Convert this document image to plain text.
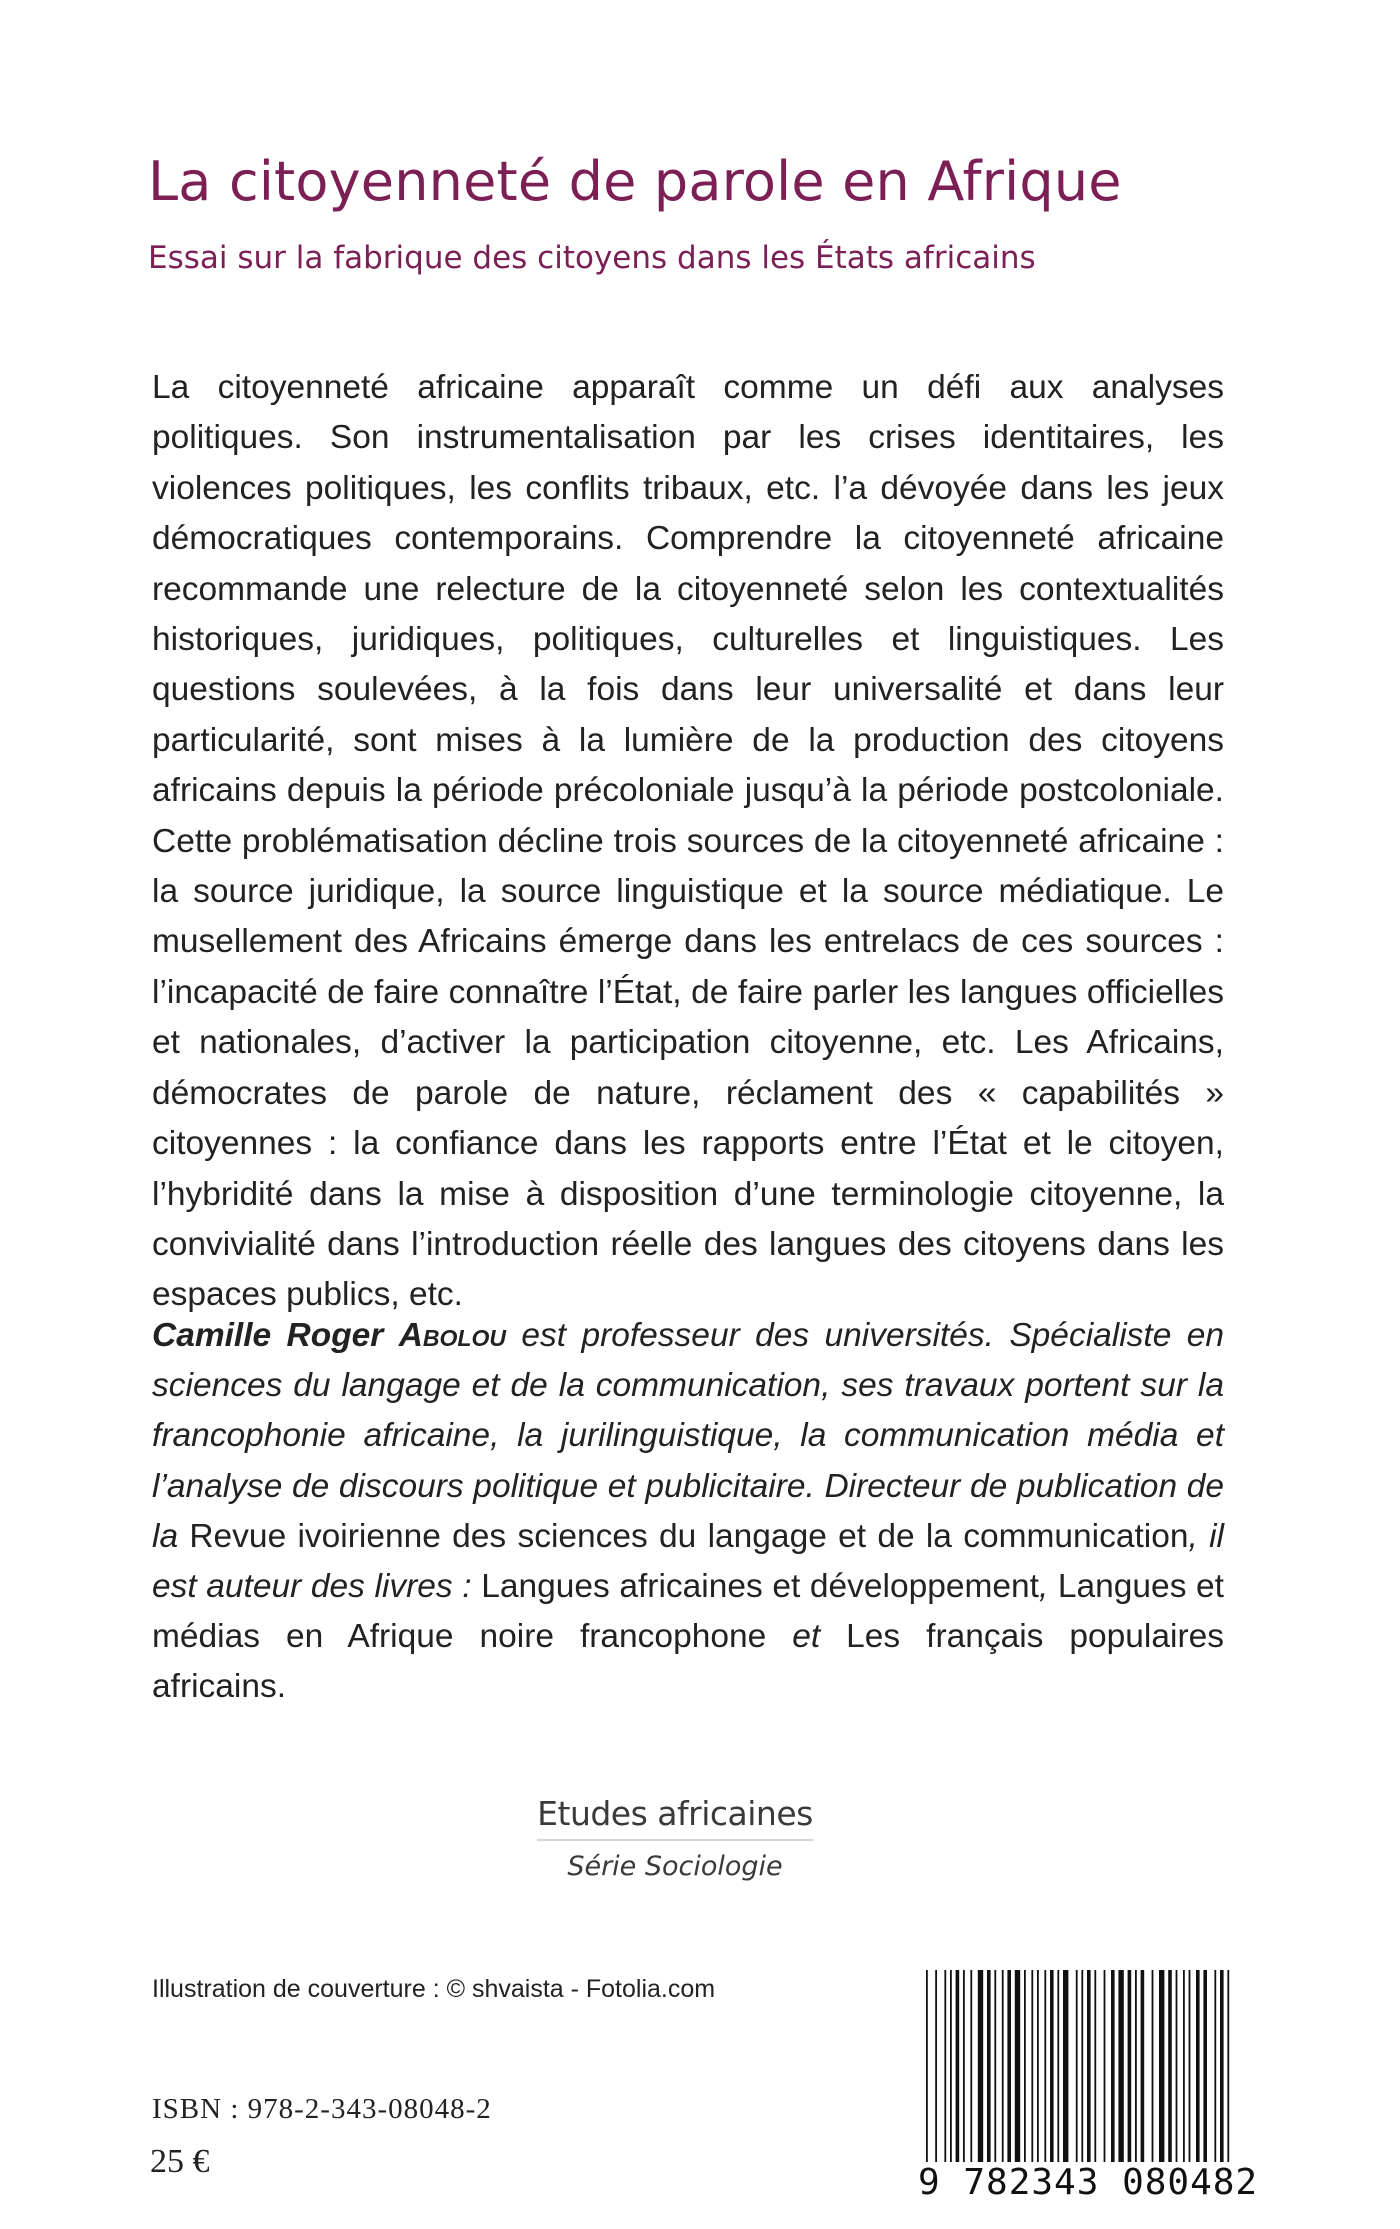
La citoyenneté de parole en Afrique
Essai sur la fabrique des citoyens dans les États africains
La citoyenneté africaine apparaît comme un défi aux analyses politiques. Son instrumentalisation par les crises identitaires, les violences politiques, les conflits tribaux, etc. l’a dévoyée dans les jeux démocratiques contemporains. Comprendre la citoyenneté africaine recommande une relecture de la citoyenneté selon les contextualités historiques, juridiques, politiques, culturelles et linguistiques. Les questions soulevées, à la fois dans leur universalité et dans leur particularité, sont mises à la lumière de la production des citoyens africains depuis la période précoloniale jusqu’à la période postcoloniale. Cette problématisation décline trois sources de la citoyenneté africaine : la source juridique, la source linguistique et la source médiatique. Le musellement des Africains émerge dans les entrelacs de ces sources : l’incapacité de faire connaître l’État, de faire parler les langues officielles et nationales, d’activer la participation citoyenne, etc. Les Africains, démocrates de parole de nature, réclament des « capabilités » citoyennes : la confiance dans les rapports entre l’État et le citoyen, l’hybridité dans la mise à disposition d’une terminologie citoyenne, la convivialité dans l’introduction réelle des langues des citoyens dans les espaces publics, etc.
Camille Roger Abolou est professeur des universités. Spécialiste en sciences du langage et de la communication, ses travaux portent sur la francophonie africaine, la jurilinguistique, la communication média et l’analyse de discours politique et publicitaire. Directeur de publication de la Revue ivoirienne des sciences du langage et de la communication, il est auteur des livres : Langues africaines et développement, Langues et médias en Afrique noire francophone et Les français populaires africains.
Etudes africaines
Série Sociologie
Illustration de couverture : © shvaista - Fotolia.com
ISBN : 978-2-343-08048-2
25 €
9 782343 080482
